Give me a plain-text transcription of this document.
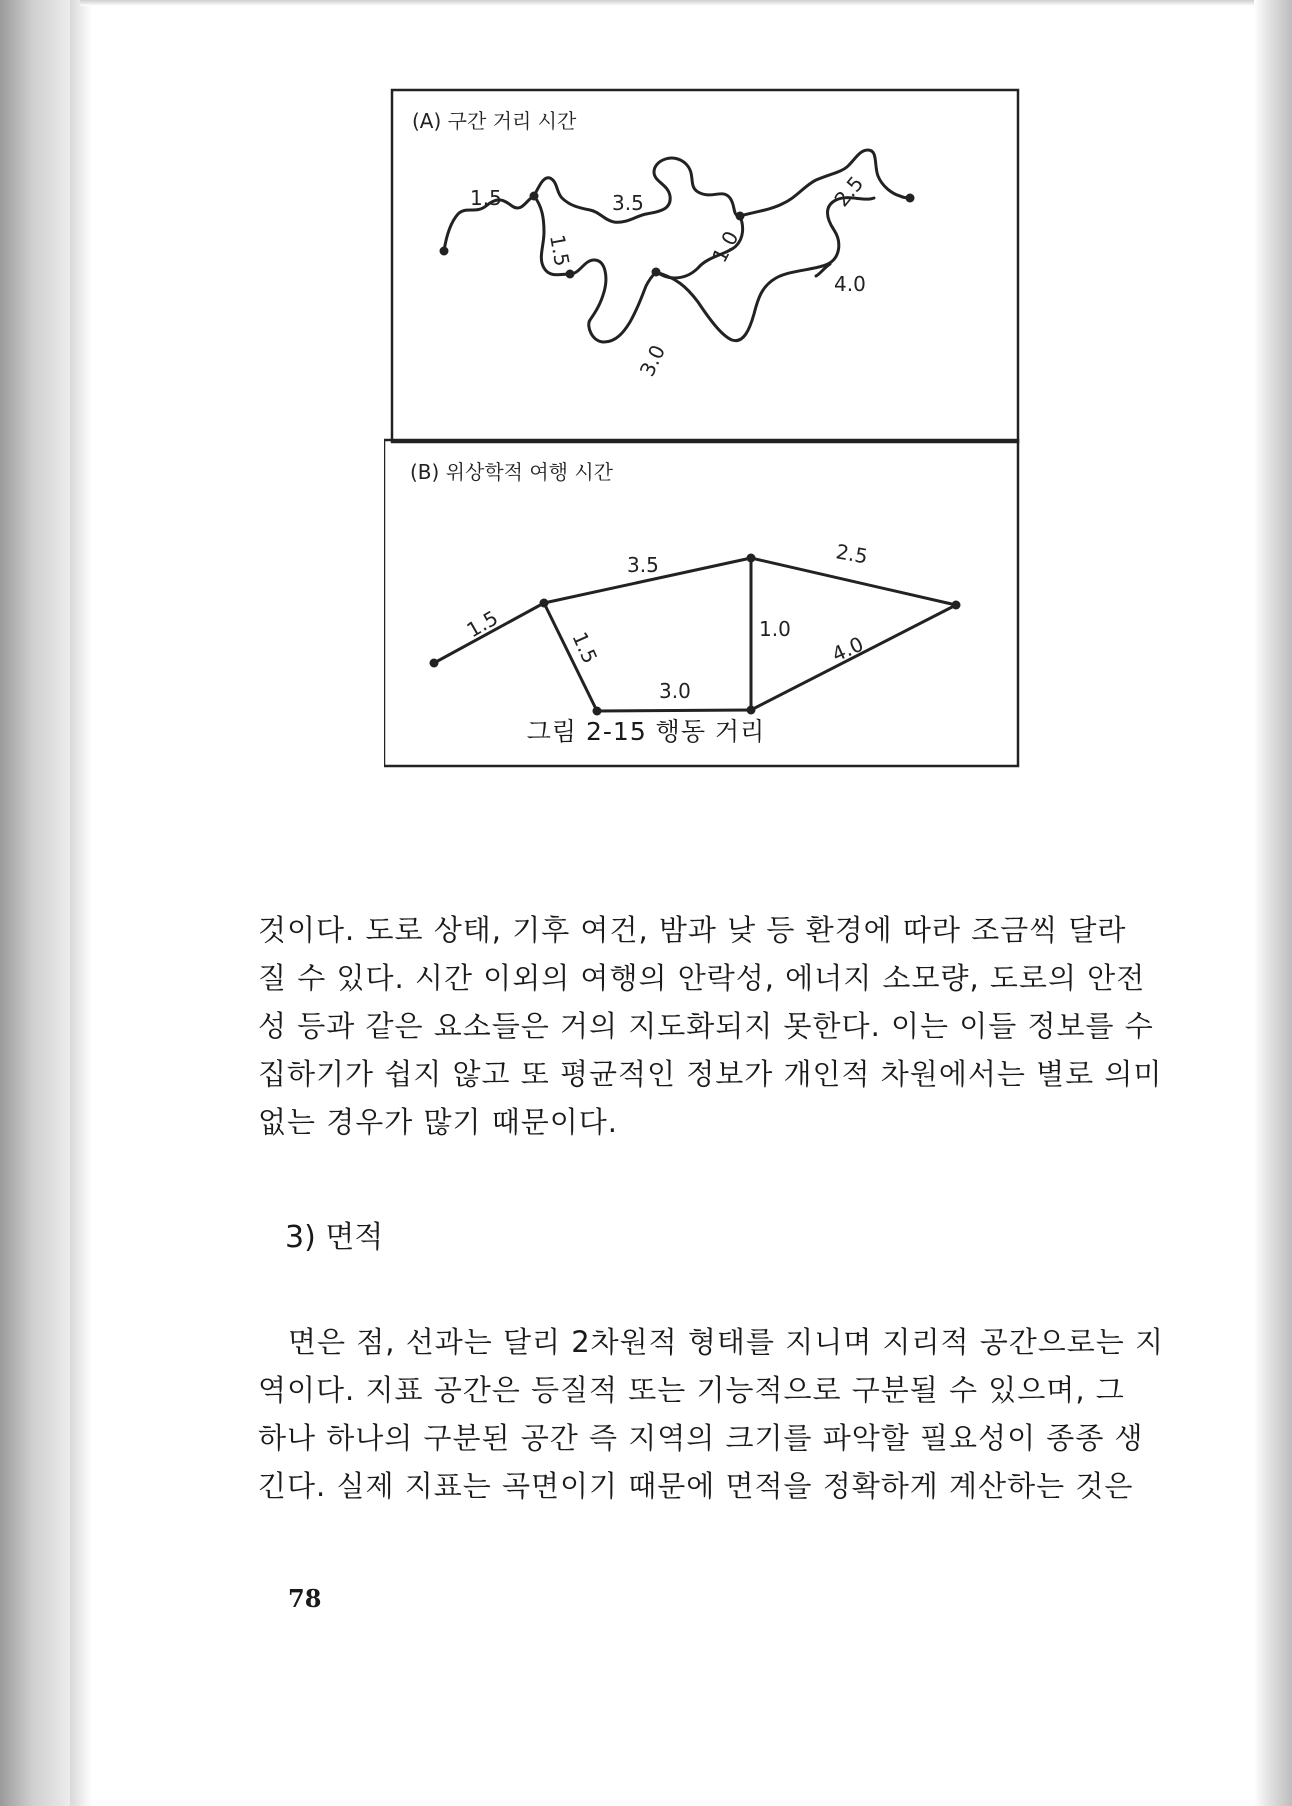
(A) 구간 거리 시간
1.5	3.5	2.5
1.5	1.0
4.0
3.0
(B) 위상학적 여행 시간
1.5
3.5	2.5
1.5	1.0
4.0
3.0
그림 2-15 행동 거리
것이다. 도로 상태, 기후 여건, 밤과 낮 등 환경에 따라 조금씩 달라
질 수 있다. 시간 이외의 여행의 안락성, 에너지 소모량, 도로의 안전
성 등과 같은 요소들은 거의 지도화되지 못한다. 이는 이들 정보를 수
집하기가 쉽지 않고 또 평균적인 정보가 개인적 차원에서는 별로 의미
없는 경우가 많기 때문이다.
3) 면적
면은 점, 선과는 달리 2차원적 형태를 지니며 지리적 공간으로는 지
역이다. 지표 공간은 등질적 또는 기능적으로 구분될 수 있으며, 그
하나 하나의 구분된 공간 즉 지역의 크기를 파악할 필요성이 종종 생
긴다. 실제 지표는 곡면이기 때문에 면적을 정확하게 계산하는 것은
78
